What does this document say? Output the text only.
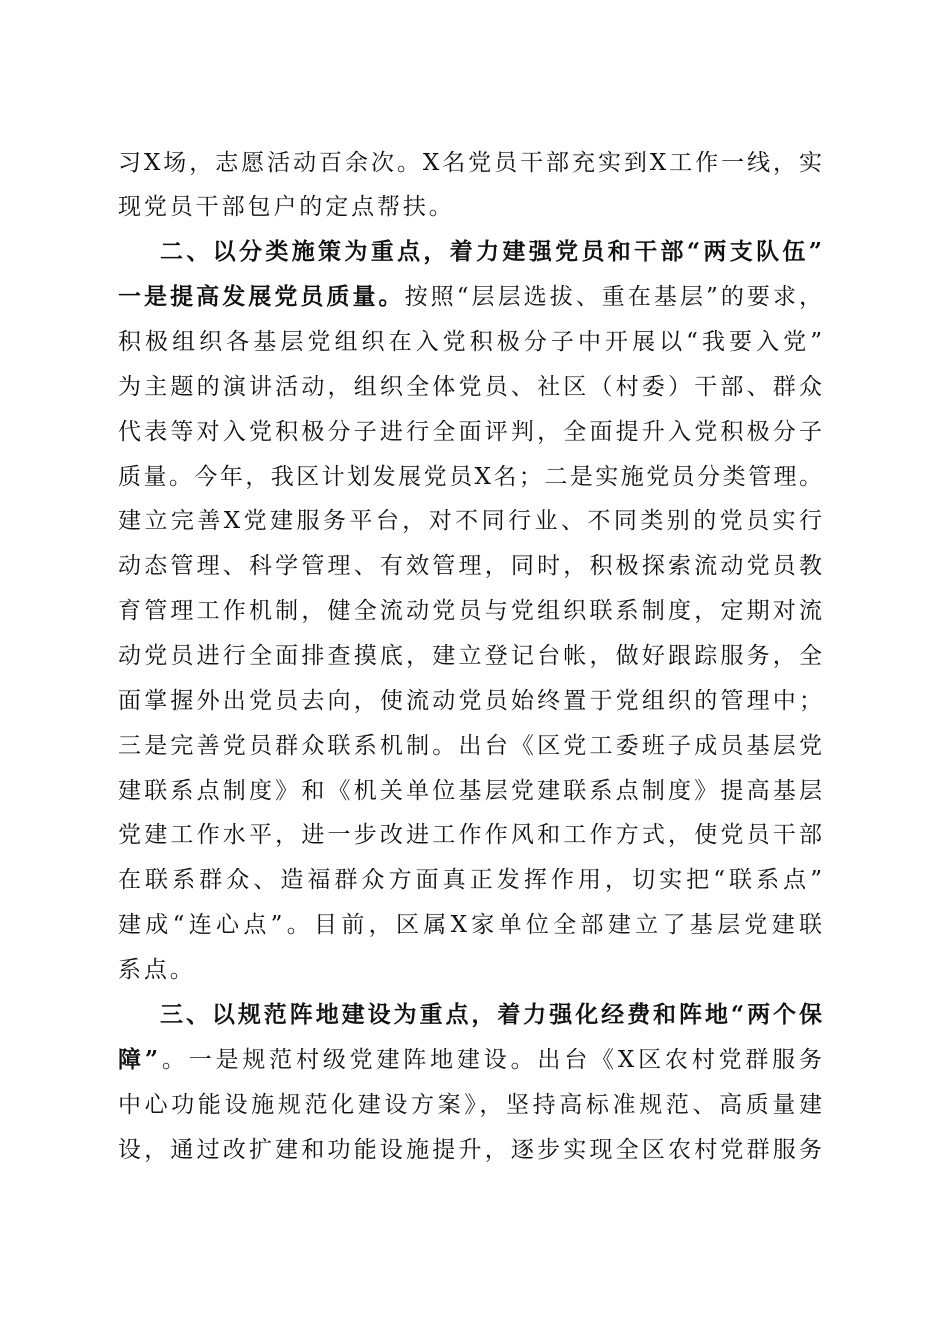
习X场，志愿活动百余次。X名党员干部充实到X工作一线，实
现党员干部包户的定点帮扶。
二、以分类施策为重点，着力建强党员和干部“两支队伍”
一是提高发展党员质量。按照“层层选拔、重在基层”的要求，
积极组织各基层党组织在入党积极分子中开展以“我要入党”
为主题的演讲活动，组织全体党员、社区（村委）干部、群众
代表等对入党积极分子进行全面评判，全面提升入党积极分子
质量。今年，我区计划发展党员X名；二是实施党员分类管理。
建立完善X党建服务平台，对不同行业、不同类别的党员实行
动态管理、科学管理、有效管理，同时，积极探索流动党员教
育管理工作机制，健全流动党员与党组织联系制度，定期对流
动党员进行全面排查摸底，建立登记台帐，做好跟踪服务，全
面掌握外出党员去向，使流动党员始终置于党组织的管理中；
三是完善党员群众联系机制。出台《区党工委班子成员基层党
建联系点制度》和《机关单位基层党建联系点制度》提高基层
党建工作水平，进一步改进工作作风和工作方式，使党员干部
在联系群众、造福群众方面真正发挥作用，切实把“联系点”
建成“连心点”。目前，区属X家单位全部建立了基层党建联
系点。
三、以规范阵地建设为重点，着力强化经费和阵地“两个保
障”。一是规范村级党建阵地建设。出台《X区农村党群服务
中心功能设施规范化建设方案》，坚持高标准规范、高质量建
设，通过改扩建和功能设施提升，逐步实现全区农村党群服务
